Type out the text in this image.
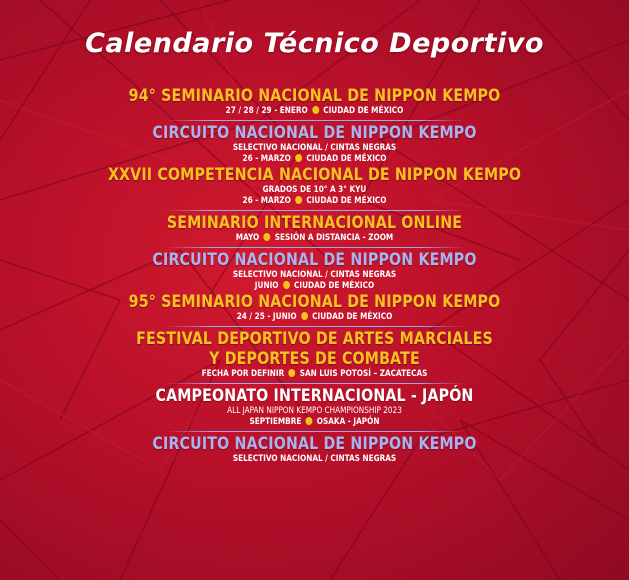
Calendario Técnico Deportivo
94° SEMINARIO NACIONAL DE NIPPON KEMPO
27 / 28 / 29 - ENERO CIUDAD DE MÉXICO
CIRCUITO NACIONAL DE NIPPON KEMPO
SELECTIVO NACIONAL / CINTAS NEGRAS
26 - MARZO CIUDAD DE MÉXICO
XXVII COMPETENCIA NACIONAL DE NIPPON KEMPO
GRADOS DE 10° A 3° KYU
26 - MARZO CIUDAD DE MÉXICO
SEMINARIO INTERNACIONAL ONLINE
MAYO SESIÓN A DISTANCIA - ZOOM
CIRCUITO NACIONAL DE NIPPON KEMPO
SELECTIVO NACIONAL / CINTAS NEGRAS
JUNIO CIUDAD DE MÉXICO
95° SEMINARIO NACIONAL DE NIPPON KEMPO
24 / 25 - JUNIO CIUDAD DE MÉXICO
FESTIVAL DEPORTIVO DE ARTES MARCIALES
Y DEPORTES DE COMBATE
FECHA POR DEFINIR SAN LUIS POTOSÍ – ZACATECAS
CAMPEONATO INTERNACIONAL - JAPÓN
ALL JAPAN NIPPON KEMPO CHAMPIONSHIP 2023
SEPTIEMBRE OSAKA - JAPÓN
CIRCUITO NACIONAL DE NIPPON KEMPO
SELECTIVO NACIONAL / CINTAS NEGRAS
